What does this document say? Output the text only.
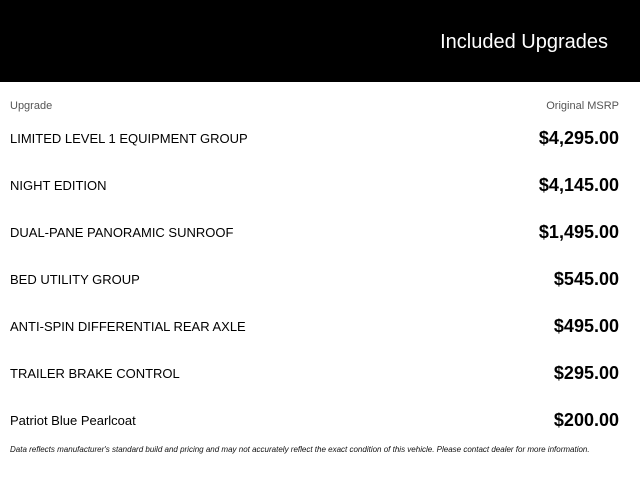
Included Upgrades
Upgrade	Original MSRP
LIMITED LEVEL 1 EQUIPMENT GROUP	$4,295.00
NIGHT EDITION	$4,145.00
DUAL-PANE PANORAMIC SUNROOF	$1,495.00
BED UTILITY GROUP	$545.00
ANTI-SPIN DIFFERENTIAL REAR AXLE	$495.00
TRAILER BRAKE CONTROL	$295.00
Patriot Blue Pearlcoat	$200.00
Data reflects manufacturer's standard build and pricing and may not accurately reflect the exact condition of this vehicle. Please contact dealer for more information.
